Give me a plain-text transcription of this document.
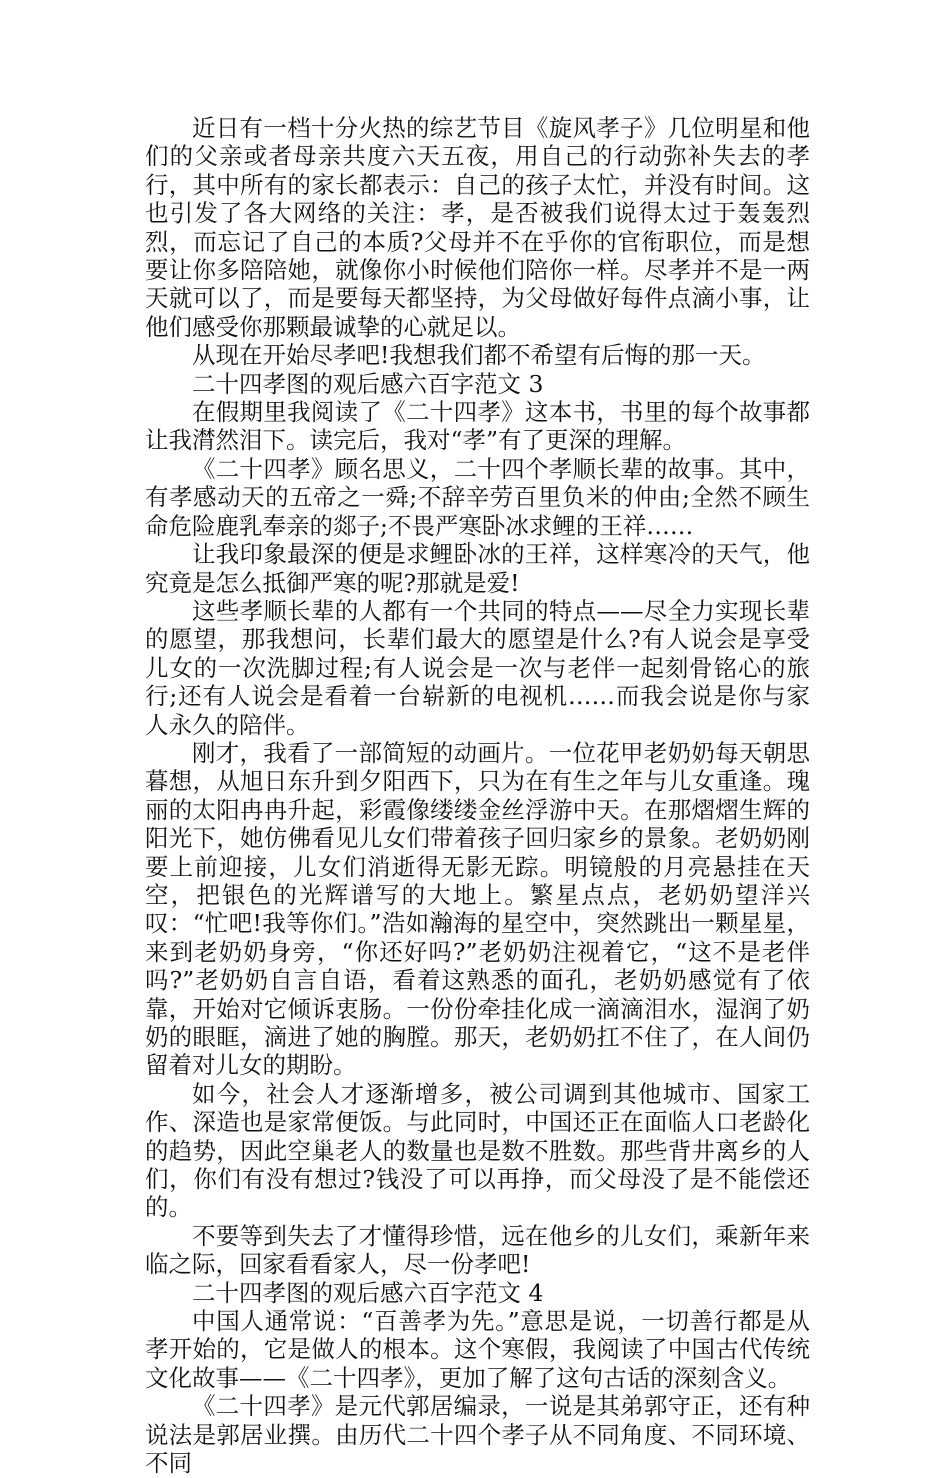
近日有一档十分火热的综艺节目《旋风孝子》几位明星和他们的父亲或者母亲共度六天五夜，用自己的行动弥补失去的孝行，其中所有的家长都表示：自己的孩子太忙，并没有时间。这也引发了各大网络的关注：孝，是否被我们说得太过于轰轰烈烈，而忘记了自己的本质?父母并不在乎你的官衔职位，而是想要让你多陪陪她，就像你小时候他们陪你一样。尽孝并不是一两天就可以了，而是要每天都坚持，为父母做好每件点滴小事，让他们感受你那颗最诚挚的心就足以。

从现在开始尽孝吧!我想我们都不希望有后悔的那一天。

二十四孝图的观后感六百字范文 3

在假期里我阅读了《二十四孝》这本书，书里的每个故事都让我潸然泪下。读完后，我对“孝”有了更深的理解。

《二十四孝》顾名思义，二十四个孝顺长辈的故事。其中，有孝感动天的五帝之一舜;不辞辛劳百里负米的仲由;全然不顾生命危险鹿乳奉亲的郯子;不畏严寒卧冰求鲤的王祥……

让我印象最深的便是求鲤卧冰的王祥，这样寒冷的天气，他究竟是怎么抵御严寒的呢?那就是爱!

这些孝顺长辈的人都有一个共同的特点——尽全力实现长辈的愿望，那我想问，长辈们最大的愿望是什么?有人说会是享受儿女的一次洗脚过程;有人说会是一次与老伴一起刻骨铭心的旅行;还有人说会是看着一台崭新的电视机……而我会说是你与家人永久的陪伴。

刚才，我看了一部简短的动画片。一位花甲老奶奶每天朝思暮想，从旭日东升到夕阳西下，只为在有生之年与儿女重逢。瑰丽的太阳冉冉升起，彩霞像缕缕金丝浮游中天。在那熠熠生辉的阳光下，她仿佛看见儿女们带着孩子回归家乡的景象。老奶奶刚要上前迎接，儿女们消逝得无影无踪。明镜般的月亮悬挂在天空，把银色的光辉谱写的大地上。繁星点点，老奶奶望洋兴叹：“忙吧!我等你们。”浩如瀚海的星空中，突然跳出一颗星星，来到老奶奶身旁，“你还好吗?”老奶奶注视着它，“这不是老伴吗?”老奶奶自言自语，看着这熟悉的面孔，老奶奶感觉有了依靠，开始对它倾诉衷肠。一份份牵挂化成一滴滴泪水，湿润了奶奶的眼眶，滴进了她的胸膛。那天，老奶奶扛不住了，在人间仍留着对儿女的期盼。

如今，社会人才逐渐增多，被公司调到其他城市、国家工作、深造也是家常便饭。与此同时，中国还正在面临人口老龄化的趋势，因此空巢老人的数量也是数不胜数。那些背井离乡的人们，你们有没有想过?钱没了可以再挣，而父母没了是不能偿还的。

不要等到失去了才懂得珍惜，远在他乡的儿女们，乘新年来临之际，回家看看家人，尽一份孝吧!

二十四孝图的观后感六百字范文 4

中国人通常说：“百善孝为先。”意思是说，一切善行都是从孝开始的，它是做人的根本。这个寒假，我阅读了中国古代传统文化故事——《二十四孝》，更加了解了这句古话的深刻含义。

《二十四孝》是元代郭居编录，一说是其弟郭守正，还有种说法是郭居业撰。由历代二十四个孝子从不同角度、不同环境、不同
